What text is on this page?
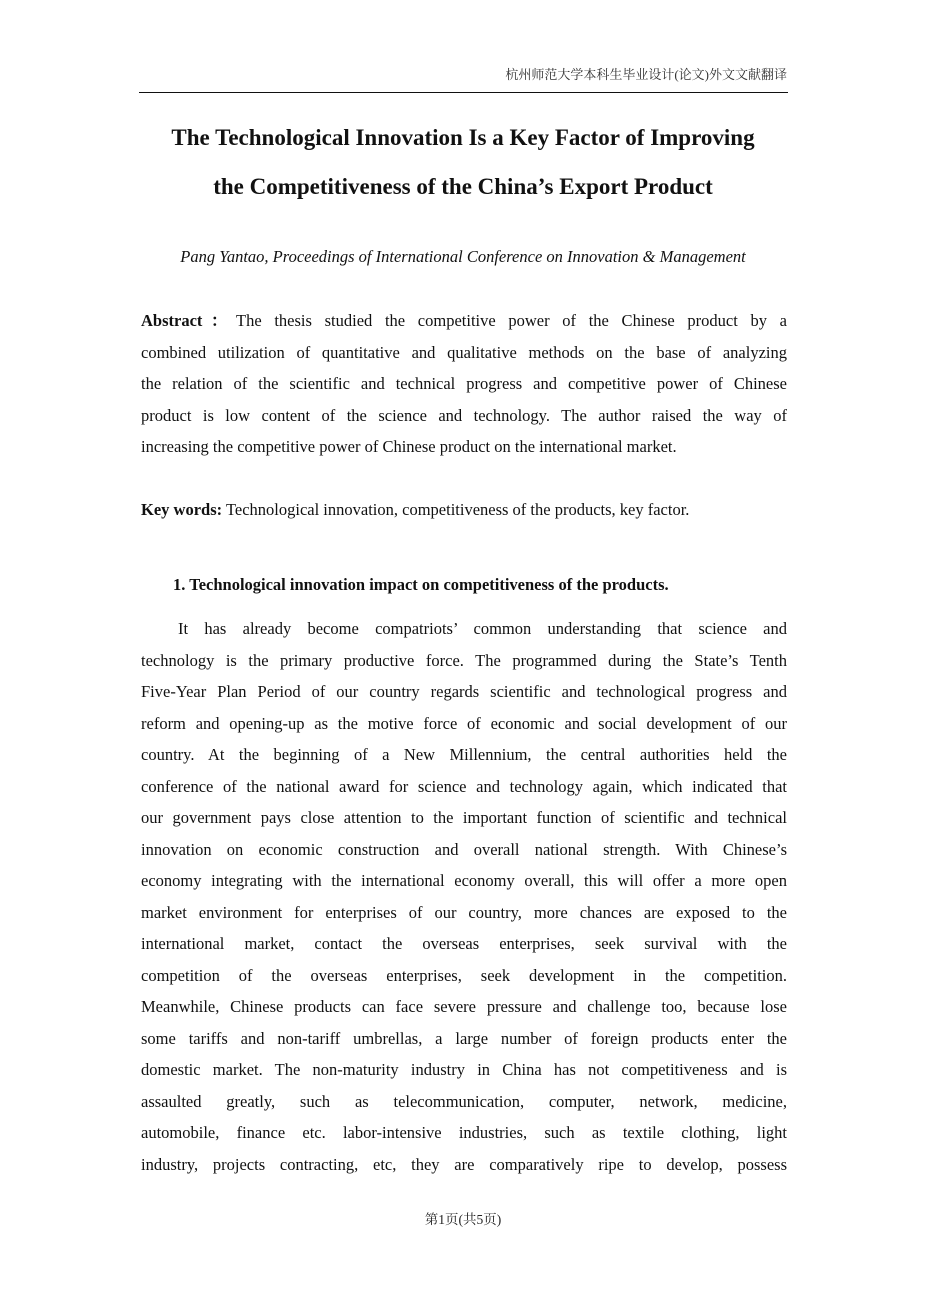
杭州师范大学本科生毕业设计(论文)外文文献翻译
The Technological Innovation Is a Key Factor of Improving
the Competitiveness of the China’s Export Product
Pang Yantao, Proceedings of International Conference on Innovation & Management
Abstract：The thesis studied the competitive power of the Chinese product by a
combined utilization of quantitative and qualitative methods on the base of analyzing
the relation of the scientific and technical progress and competitive power of Chinese
product is low content of the science and technology. The author raised the way of
increasing the competitive power of Chinese product on the international market.
Key words: Technological innovation, competitiveness of the products, key factor.
1. Technological innovation impact on competitiveness of the products.
It has already become compatriots’ common understanding that science and
technology is the primary productive force. The programmed during the State’s Tenth
Five-Year Plan Period of our country regards scientific and technological progress and
reform and opening-up as the motive force of economic and social development of our
country. At the beginning of a New Millennium, the central authorities held the
conference of the national award for science and technology again, which indicated that
our government pays close attention to the important function of scientific and technical
innovation on economic construction and overall national strength. With Chinese’s
economy integrating with the international economy overall, this will offer a more open
market environment for enterprises of our country, more chances are exposed to the
international market, contact the overseas enterprises, seek survival with the
competition of the overseas enterprises, seek development in the competition.
Meanwhile, Chinese products can face severe pressure and challenge too, because lose
some tariffs and non-tariff umbrellas, a large number of foreign products enter the
domestic market. The non-maturity industry in China has not competitiveness and is
assaulted greatly, such as telecommunication, computer, network, medicine,
automobile, finance etc. labor-intensive industries, such as textile clothing, light
industry, projects contracting, etc, they are comparatively ripe to develop, possess
第1页(共5页)
